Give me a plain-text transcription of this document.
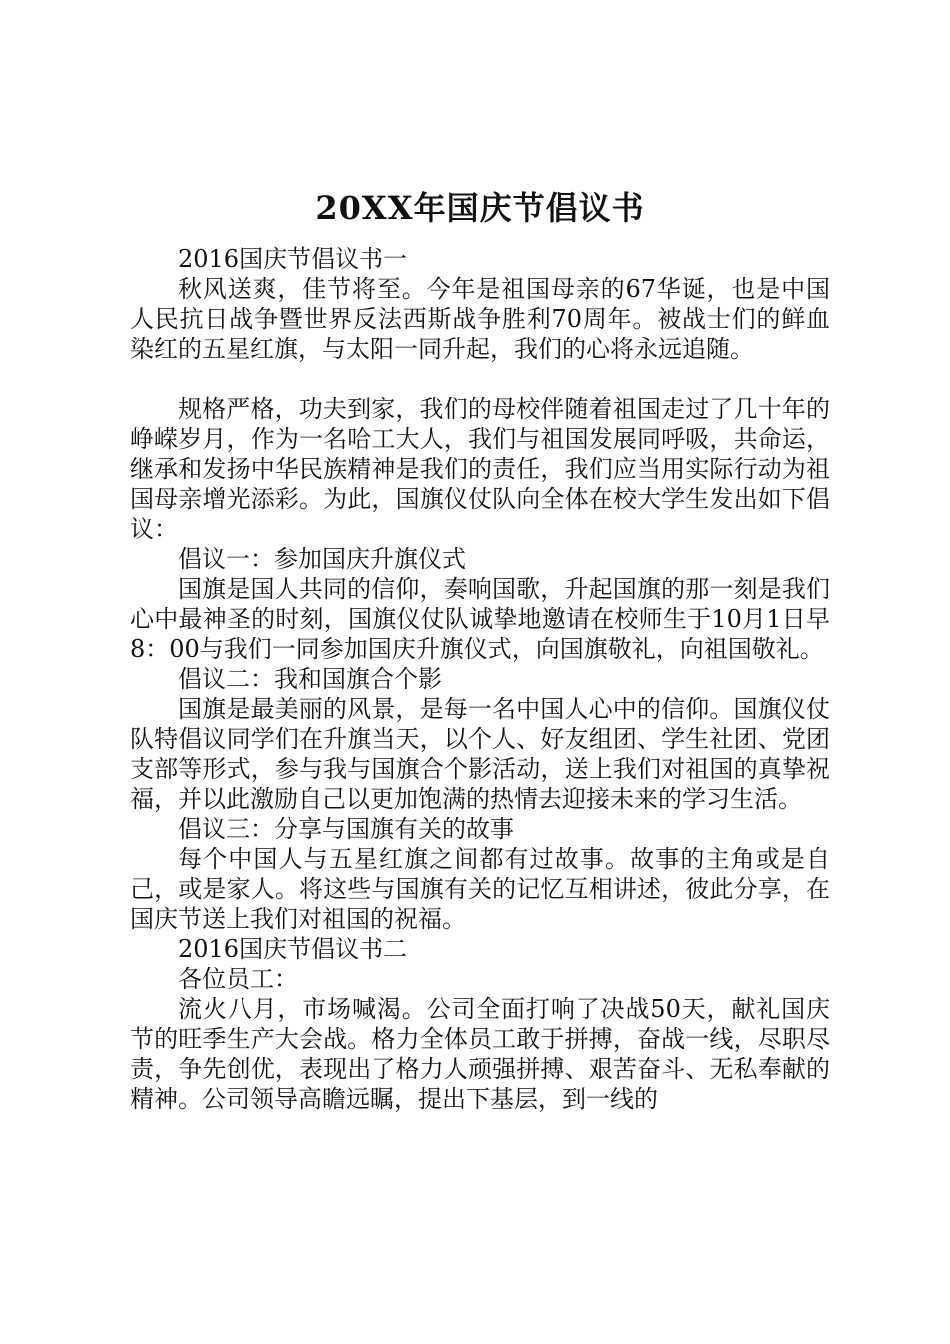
20XX年国庆节倡议书

2016国庆节倡议书一

秋风送爽，佳节将至。今年是祖国母亲的67华诞，也是中国人民抗日战争暨世界反法西斯战争胜利70周年。被战士们的鲜血染红的五星红旗，与太阳一同升起，我们的心将永远追随。

规格严格，功夫到家，我们的母校伴随着祖国走过了几十年的峥嵘岁月，作为一名哈工大人，我们与祖国发展同呼吸，共命运，继承和发扬中华民族精神是我们的责任，我们应当用实际行动为祖国母亲增光添彩。为此，国旗仪仗队向全体在校大学生发出如下倡议：

倡议一：参加国庆升旗仪式

国旗是国人共同的信仰，奏响国歌，升起国旗的那一刻是我们心中最神圣的时刻，国旗仪仗队诚挚地邀请在校师生于10月1日早8：00与我们一同参加国庆升旗仪式，向国旗敬礼，向祖国敬礼。

倡议二：我和国旗合个影

国旗是最美丽的风景，是每一名中国人心中的信仰。国旗仪仗队特倡议同学们在升旗当天，以个人、好友组团、学生社团、党团支部等形式，参与我与国旗合个影活动，送上我们对祖国的真挚祝福，并以此激励自己以更加饱满的热情去迎接未来的学习生活。

倡议三：分享与国旗有关的故事

每个中国人与五星红旗之间都有过故事。故事的主角或是自己，或是家人。将这些与国旗有关的记忆互相讲述，彼此分享，在国庆节送上我们对祖国的祝福。

2016国庆节倡议书二

各位员工：

流火八月，市场喊渴。公司全面打响了决战50天，献礼国庆节的旺季生产大会战。格力全体员工敢于拼搏，奋战一线，尽职尽责，争先创优，表现出了格力人顽强拼搏、艰苦奋斗、无私奉献的精神。公司领导高瞻远瞩，提出下基层，到一线的
